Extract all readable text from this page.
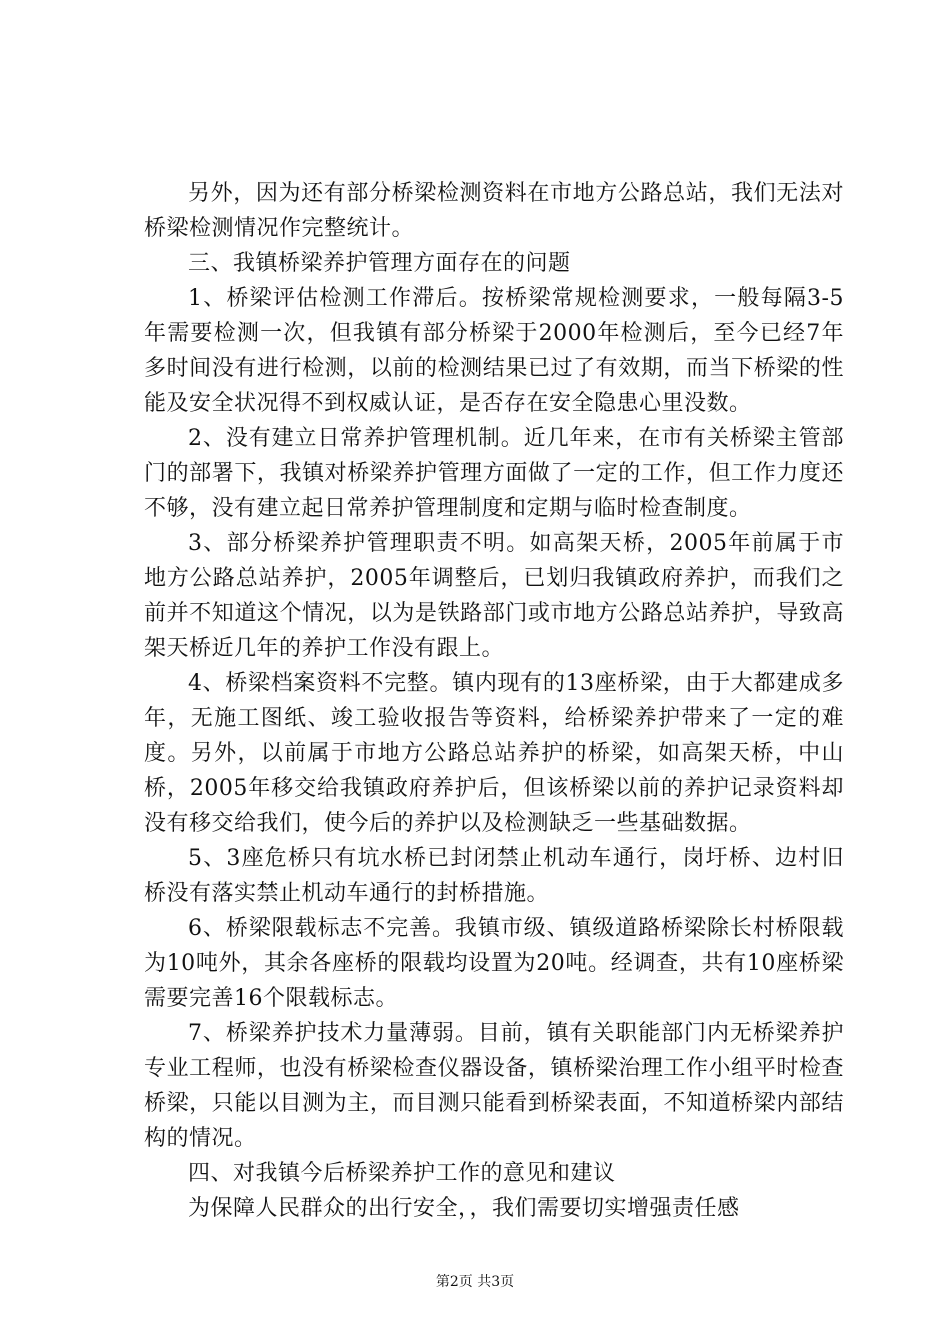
另外，因为还有部分桥梁检测资料在市地方公路总站，我们无法对桥梁检测情况作完整统计。

三、我镇桥梁养护管理方面存在的问题

1、桥梁评估检测工作滞后。按桥梁常规检测要求，一般每隔3-5年需要检测一次，但我镇有部分桥梁于2000年检测后，至今已经7年多时间没有进行检测，以前的检测结果已过了有效期，而当下桥梁的性能及安全状况得不到权威认证，是否存在安全隐患心里没数。

2、没有建立日常养护管理机制。近几年来，在市有关桥梁主管部门的部署下，我镇对桥梁养护管理方面做了一定的工作，但工作力度还不够，没有建立起日常养护管理制度和定期与临时检查制度。

3、部分桥梁养护管理职责不明。如高架天桥，2005年前属于市地方公路总站养护，2005年调整后，已划归我镇政府养护，而我们之前并不知道这个情况，以为是铁路部门或市地方公路总站养护，导致高架天桥近几年的养护工作没有跟上。

4、桥梁档案资料不完整。镇内现有的13座桥梁，由于大都建成多年，无施工图纸、竣工验收报告等资料，给桥梁养护带来了一定的难度。另外，以前属于市地方公路总站养护的桥梁，如高架天桥，中山桥，2005年移交给我镇政府养护后，但该桥梁以前的养护记录资料却没有移交给我们，使今后的养护以及检测缺乏一些基础数据。

5、3座危桥只有坑水桥已封闭禁止机动车通行，岗圩桥、边村旧桥没有落实禁止机动车通行的封桥措施。

6、桥梁限载标志不完善。我镇市级、镇级道路桥梁除长村桥限载为10吨外，其余各座桥的限载均设置为20吨。经调查，共有10座桥梁需要完善16个限载标志。

7、桥梁养护技术力量薄弱。目前，镇有关职能部门内无桥梁养护专业工程师，也没有桥梁检查仪器设备，镇桥梁治理工作小组平时检查桥梁，只能以目测为主，而目测只能看到桥梁表面，不知道桥梁内部结构的情况。

四、对我镇今后桥梁养护工作的意见和建议

为保障人民群众的出行安全，，我们需要切实增强责任感

第2页 共3页
